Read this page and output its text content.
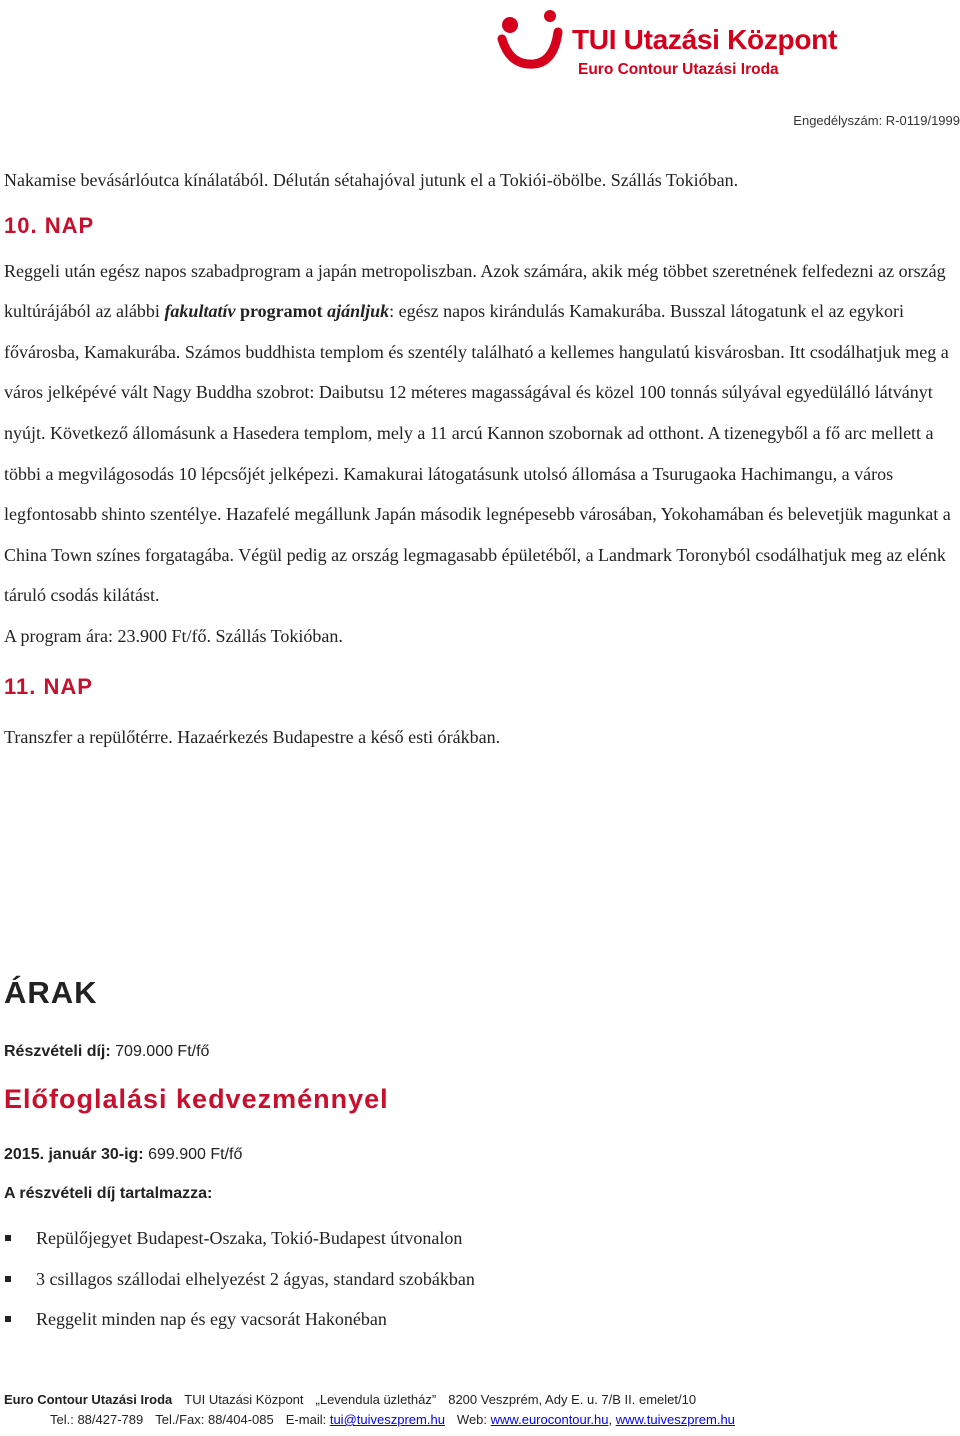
TUI Utazási Központ
Euro Contour Utazási Iroda
Engedélyszám: R-0119/1999

Nakamise bevásárlóutca kínálatából. Délután sétahajóval jutunk el a Tokiói-öbölbe. Szállás Tokióban.

10. NAP

Reggeli után egész napos szabadprogram a japán metropoliszban. Azok számára, akik még többet szeretnének felfedezni az ország kultúrájából az alábbi fakultatív programot ajánljuk: egész napos kirándulás Kamakurába. Busszal látogatunk el az egykori fővárosba, Kamakurába. Számos buddhista templom és szentély található a kellemes hangulatú kisvárosban. Itt csodálhatjuk meg a város jelképévé vált Nagy Buddha szobrot: Daibutsu 12 méteres magasságával és közel 100 tonnás súlyával egyedülálló látványt nyújt. Következő állomásunk a Hasedera templom, mely a 11 arcú Kannon szobornak ad otthont. A tizenegyből a fő arc mellett a többi a megvilágosodás 10 lépcsőjét jelképezi. Kamakurai látogatásunk utolsó állomása a Tsurugaoka Hachimangu, a város legfontosabb shinto szentélye. Hazafelé megállunk Japán második legnépesebb városában, Yokohamában és belevetjük magunkat a China Town színes forgatagába. Végül pedig az ország legmagasabb épületéből, a Landmark Toronyból csodálhatjuk meg az elénk táruló csodás kilátást.

A program ára: 23.900 Ft/fő. Szállás Tokióban.

11. NAP

Transzfer a repülőtérre. Hazaérkezés Budapestre a késő esti órákban.

ÁRAK

Részvételi díj: 709.000 Ft/fő

Előfoglalási kedvezménnyel

2015. január 30-ig: 699.900 Ft/fő

A részvételi díj tartalmazza:

Repülőjegyet Budapest-Oszaka, Tokió-Budapest útvonalon
3 csillagos szállodai elhelyezést 2 ágyas, standard szobákban
Reggelit minden nap és egy vacsorát Hakonéban
Euro Contour Utazási Iroda TUI Utazási Központ „Levendula üzletház” 8200 Veszprém, Ady E. u. 7/B II. emelet/10
Tel.: 88/427-789 Tel./Fax: 88/404-085 E-mail: tui@tuiveszprem.hu Web: www.eurocontour.hu, www.tuiveszprem.hu
